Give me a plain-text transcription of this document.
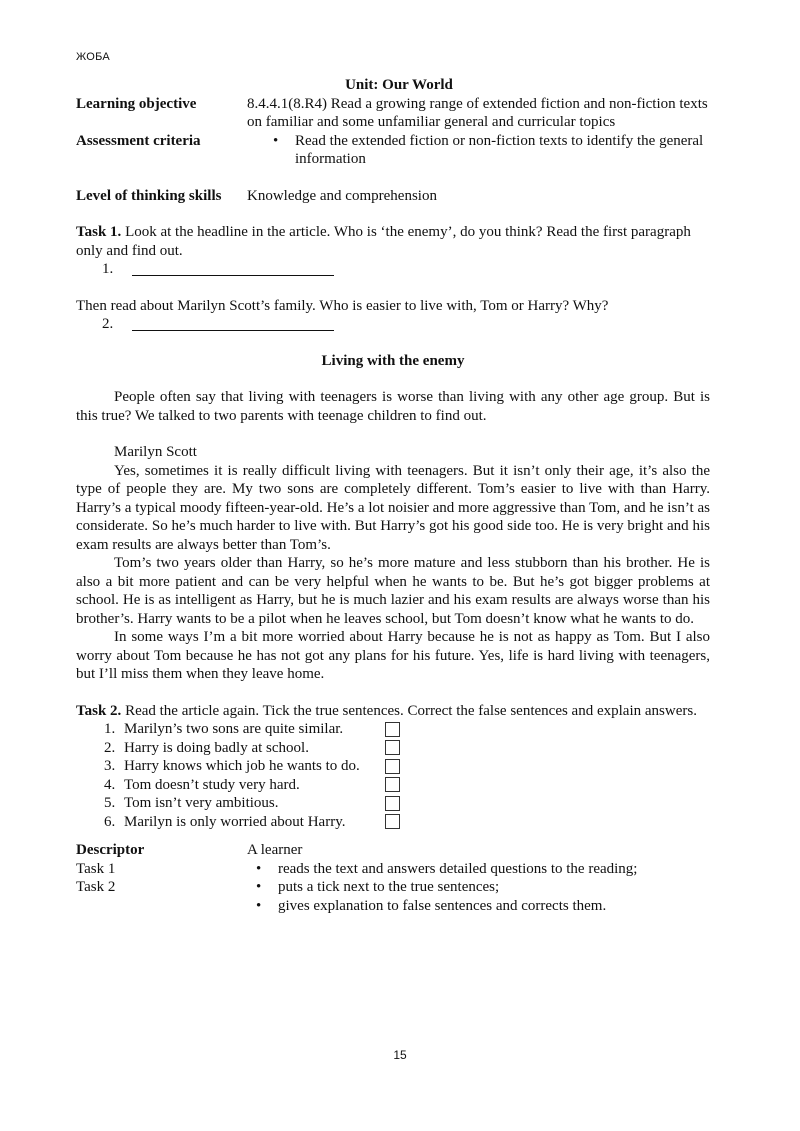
ЖОБА
Unit: Our World
Learning objective	8.4.4.1(8.R4) Read a growing range of extended fiction and non-fiction texts on familiar and some unfamiliar general and curricular topics
Assessment criteria
•	Read the extended fiction or non-fiction texts to identify the general information
Level of thinking skills	Knowledge and comprehension

Task 1. Look at the headline in the article. Who is ‘the enemy’, do you think? Read the first paragraph only and find out.

1.

Then read about Marilyn Scott’s family. Who is easier to live with, Tom or Harry? Why?

2.
Living with the enemy

People often say that living with teenagers is worse than living with any other age group. But is this true? We talked to two parents with teenage children to find out.

Marilyn Scott

Yes, sometimes it is really difficult living with teenagers. But it isn’t only their age, it’s also the type of people they are. My two sons are completely different. Tom’s easier to live with than Harry. Harry’s a typical moody fifteen-year-old. He’s a lot noisier and more aggressive than Tom, and he isn’t as considerate. So he’s much harder to live with. But Harry’s got his good side too. He is very bright and his exam results are always better than Tom’s.

Tom’s two years older than Harry, so he’s more mature and less stubborn than his brother. He is also a bit more patient and can be very helpful when he wants to be. But he’s got bigger problems at school. He is as intelligent as Harry, but he is much lazier and his exam results are always worse than his brother’s. Harry wants to be a pilot when he leaves school, but Tom doesn’t know what he wants to do.

In some ways I’m a bit more worried about Harry because he is not as happy as Tom. But I also worry about Tom because he has not got any plans for his future. Yes, life is hard living with teenagers, but I’ll miss them when they leave home.

Task 2. Read the article again. Tick the true sentences. Correct the false sentences and explain answers.

1. Marilyn’s two sons are quite similar.
2. Harry is doing badly at school.
3. Harry knows which job he wants to do.
4. Tom doesn’t study very hard.
5. Tom isn’t very ambitious.
6. Marilyn is only worried about Harry.
Descriptor	A learner
Task 1
Task 2
• reads the text and answers detailed questions to the reading;
• puts a tick next to the true sentences;
• gives explanation to false sentences and corrects them.
15
